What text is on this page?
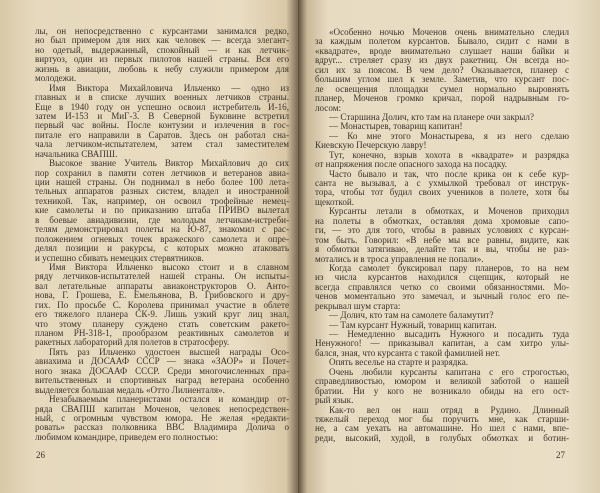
лы, он непосредственно с курсантами занимался редко,
но был примером для них как человек — всегда элегант-
но одетый, выдержанный, спокойный — и как летчик-
виртуоз, один из первых пилотов нашей страны. Вся его
жизнь в авиации, любовь к небу служили примером для
молодежи.
Имя Виктора Михайловича Ильченко — одно из
главных и в списке лучших военных летчиков страны.
Еще в 1940 году он успешно освоил истребитель И-16,
затем И-153 и МиГ-3. В Северной Буковине встретил
первый час войны. После контузии и излечения в гос-
питале его направили в Саратов. Здесь он работал сна-
чала летчиком-испытателем, затем стал заместителем
начальника СВАПШ.
Высокое звание Учитель Виктор Михайлович до сих
пор сохранил в памяти сотен летчиков и ветеранов авиа-
ции нашей страны. Он поднимал в небо более 100 лета-
тельных аппаратов разных систем, владел и иностранной
техникой. Так, например, он освоил трофейные немец-
кие самолеты и по приказанию штаба ПРИВО вылетал
в боевые авиадивизии, где молодым летчикам-истреби-
телям демонстрировал полеты на Ю-87, знакомил с рас-
положением огневых точек вражеского самолета и опре-
делял позиции и ракурсы, с которых можно атаковать
и успешно сбивать немецких стервятников.
Имя Виктора Ильченко высоко стоит и в славном
ряду летчиков-испытателей нашей страны. Он испыты-
вал летательные аппараты авиаконструкторов О. Анто-
нова, Г. Грошева, Е. Емельянова, В. Грибовского и дру-
гих. По просьбе С. Королева принимал участие в облете
его тяжелого планера СК-9. Лишь узкий круг лиц знал,
что этому планеру суждено стать советским ракето-
планом РН-318-1, прообразом реактивных самолетов и
ракетных лабораторий для полетов в стратосферу.
Пять раз Ильченко удостоен высшей награды Осо-
авиахима и ДОСААФ СССР — знака «ЗАОР» и Почет-
ного знака ДОСААФ СССР. Среди многочисленных пра-
вительственных и спортивных наград ветерана особенно
выделяется большая медаль «Отто Лилиенталя».
Незабываемым планеристами остался и командир от-
ряда СВАПШ капитан Моченов, человек непосредствен-
ный, с огромным чувством юмора. Не желая «редакти-
ровать» рассказ полковника ВВС Владимира Долича о
любимом командире, приведем его полностью:
26
«Особенно ночью Моченов очень внимательно следил
за каждым полетом курсантов. Бывало, сидит с нами в
«квадрате», вроде внимательно слушает наши байки и
вдруг... стреляет сразу из двух ракетниц. Он всегда но-
сил их за поясом. В чем дело? Оказывается, планер с
большим углом шел к земле. Заметив, что курсант пос-
ле освещения площадки сумел нормально выровнять
планер, Моченов громко кричал, порой надрывным го-
лосом:
— Старшина Долич, кто там на планере очи закрыл?
— Монастырев, товарищ капитан!
— Ко мне этого Монастырева, я из него сделаю
Киевскую Печерскую лавру!
Тут, конечно, взрыв хохота в «квадрате» и разрядка
от напряжения после опасного захода на посадку.
Часто бывало и так, что после крика он к себе кур-
санта не вызывал, а с ухмылкой требовал от инструк-
тора, чтобы тот будил своих учеников в полете, хотя бы
щекоткой.
Курсанты летали в обмотках, и Моченов приходил
на полеты в обмотках, оставляя дома хромовые сапо-
ги, — это для того, чтобы в равных условиях с курсан-
том быть. Говорил: «В небе мы все равны, видите, как
я обмотки затягиваю, делайте так и вы, чтобы не раз-
мотались и в троса управления не попали».
Когда самолет буксировал пару планеров, то на нем
из числа курсантов находился сцепщик, который не
всегда справлялся четко со своими обязанностями. Мо-
ченов моментально это замечал, и зычный голос его пе-
рекрывал шум старта:
— Долич, кто там на самолете баламутит?
— Там курсант Нужный, товарищ капитан.
— Немедленно высадить Нужного и посадить туда
Ненужного! — приказывал капитан, а сам хитро улы-
бался, зная, что курсанта с такой фамилией нет.
Опять веселье на старте и разрядка.
Очень любили курсанты капитана с его строгостью,
справедливостью, юмором и великой заботой о нашей
братии. Ни у кого не возникало обиды на его ост-
рый язык.
Как-то вел он наш отряд в Рудино. Длинный
тяжелый переход мог бы поручить мне, как старши-
не, а сам уехать на автомашине. Но шел с нами, впе-
реди, высокий, худой, в голубых обмотках и ботин-
27
